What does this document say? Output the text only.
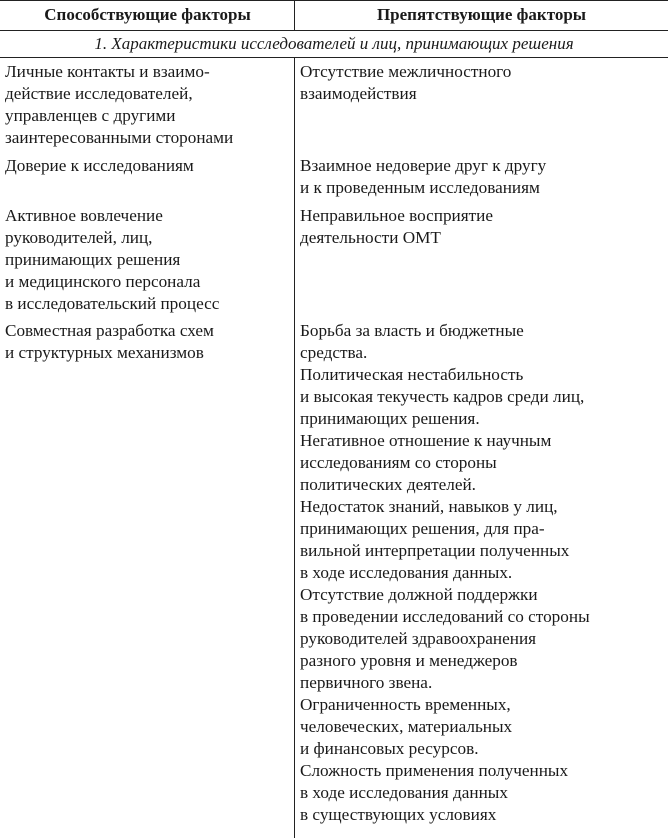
Способствующие факторы	Препятствующие факторы
1. Характеристики исследователей и лиц, принимающих решения

Личные контакты и взаимо-
действие исследователей,
управленцев с другими
заинтересованными сторонами

Отсутствие межличностного
взаимодействия

Доверие к исследованиям	Взаимное недоверие друг к другу
и к проведенным исследованиям

Активное вовлечение
руководителей, лиц,
принимающих решения
и медицинского персонала
в исследовательский процесс

Неправильное восприятие
деятельности ОМТ

Совместная разработка схем
и структурных механизмов

Борьба за власть и бюджетные
средства.
Политическая нестабильность
и высокая текучесть кадров среди лиц,
принимающих решения.
Негативное отношение к научным
исследованиям со стороны
политических деятелей.
Недостаток знаний, навыков у лиц,
принимающих решения, для пра-
вильной интерпретации полученных
в ходе исследования данных.
Отсутствие должной поддержки
в проведении исследований со стороны
руководителей здравоохранения
разного уровня и менеджеров
первичного звена.
Ограниченность временных,
человеческих, материальных
и финансовых ресурсов.
Сложность применения полученных
в ходе исследования данных
в существующих условиях
